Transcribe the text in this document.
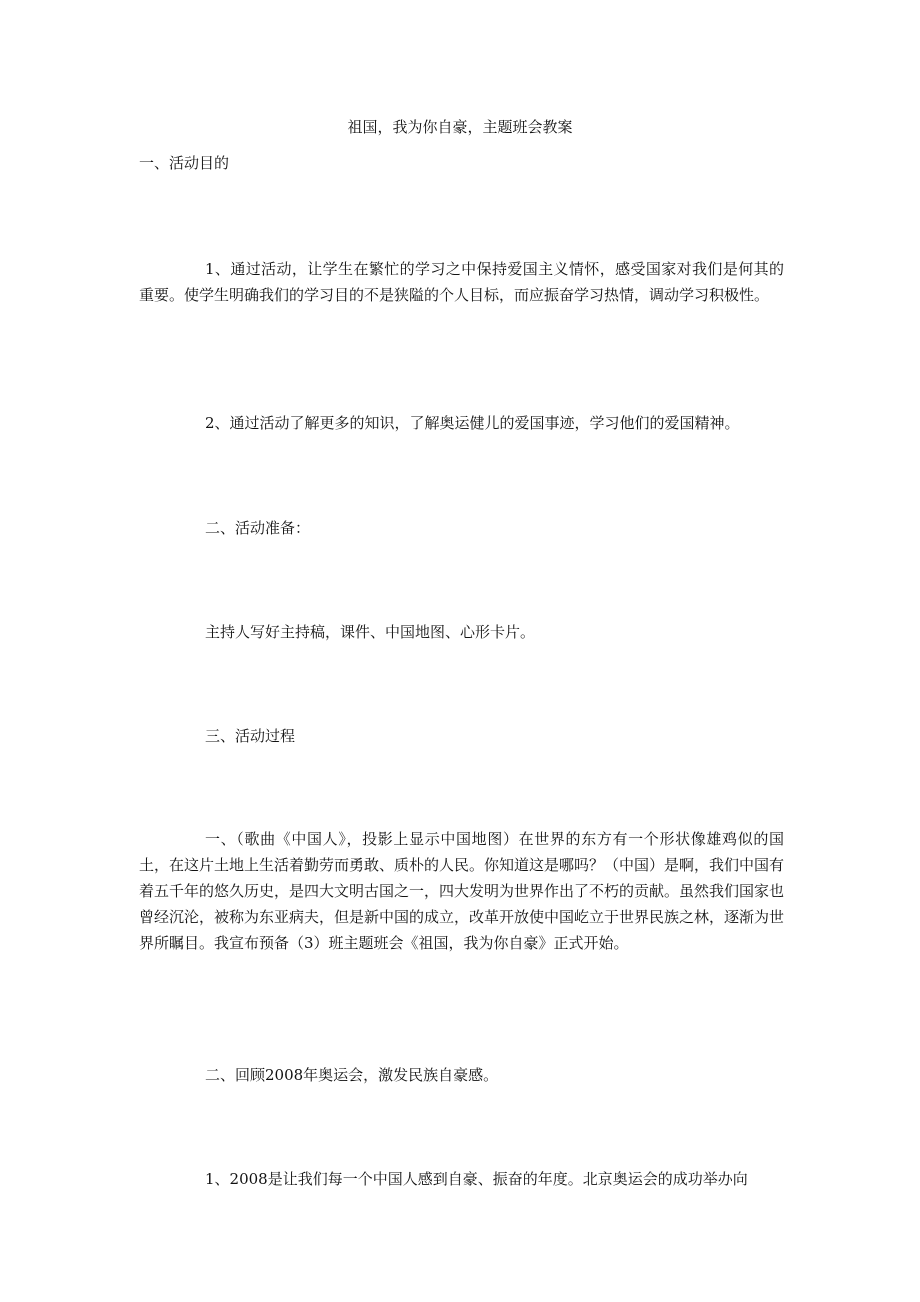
祖国，我为你自豪，主题班会教案

一、活动目的

1、通过活动，让学生在繁忙的学习之中保持爱国主义情怀，感受国家对我们是何其的重要。使学生明确我们的学习目的不是狭隘的个人目标，而应振奋学习热情，调动学习积极性。

2、通过活动了解更多的知识，了解奥运健儿的爱国事迹，学习他们的爱国精神。

二、活动准备：

主持人写好主持稿，课件、中国地图、心形卡片。

三、活动过程

一、（歌曲《中国人》，投影上显示中国地图）在世界的东方有一个形状像雄鸡似的国土，在这片土地上生活着勤劳而勇敢、质朴的人民。你知道这是哪吗？（中国）是啊，我们中国有着五千年的悠久历史，是四大文明古国之一，四大发明为世界作出了不朽的贡献。虽然我们国家也曾经沉沦，被称为东亚病夫，但是新中国的成立，改革开放使中国屹立于世界民族之林，逐渐为世界所瞩目。我宣布预备（3）班主题班会《祖国，我为你自豪》正式开始。

二、回顾2008年奥运会，激发民族自豪感。

1、2008是让我们每一个中国人感到自豪、振奋的年度。北京奥运会的成功举办向
